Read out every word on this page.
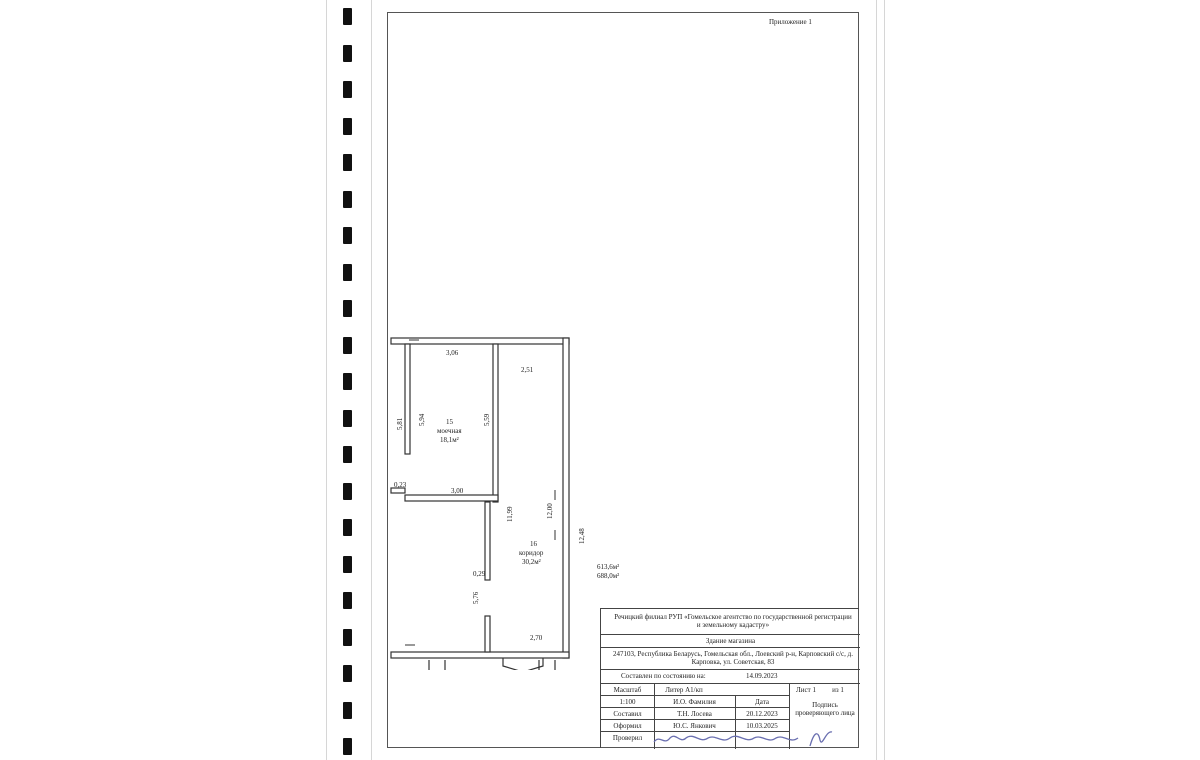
Приложение 1
15
моечная
18,1м²
16
коридор
30,2м²
3,06
2,51
5,81 5,94	5,59
0,23
3,00
11,99	12,00
12,48
0,29
5,76
2,70
613,6м²
688,0м²
Речицкий филиал РУП «Гомельское агентство по государственной регистрации и земельному кадастру»
Здание магазина
247103, Республика Беларусь, Гомельская обл., Лоевский р-н, Карповский с/с, д. Карповка, ул. Советская, 83
Составлен по состоянию на:	14.09.2023
Масштаб	Литер А1/кп	Лист 1	из 1
1:100	И.О. Фамилия	Дата	Подпись проверяющего лица
Составил	Т.Н. Лосева	20.12.2023
Оформил	Ю.С. Янкович	10.03.2025
Проверил
